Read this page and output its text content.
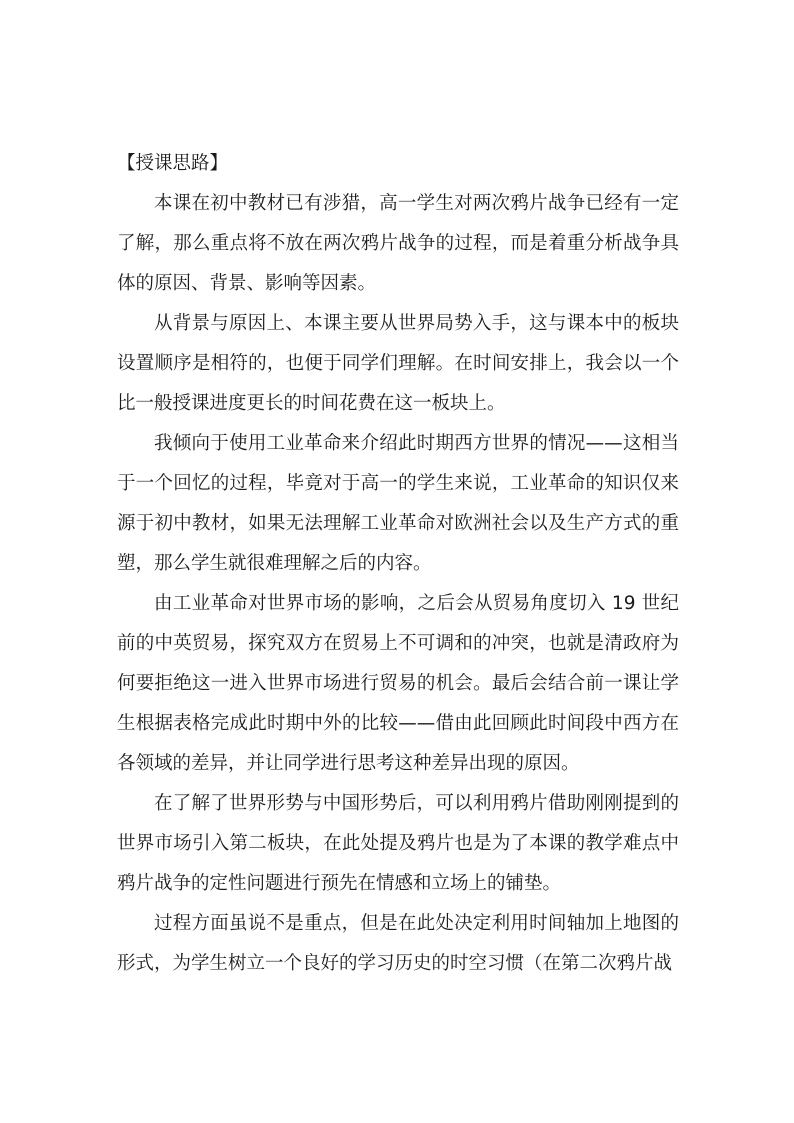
【授课思路】

本课在初中教材已有涉猎，高一学生对两次鸦片战争已经有一定了解，那么重点将不放在两次鸦片战争的过程，而是着重分析战争具体的原因、背景、影响等因素。

从背景与原因上、本课主要从世界局势入手，这与课本中的板块设置顺序是相符的，也便于同学们理解。在时间安排上，我会以一个比一般授课进度更长的时间花费在这一板块上。

我倾向于使用工业革命来介绍此时期西方世界的情况——这相当于一个回忆的过程，毕竟对于高一的学生来说，工业革命的知识仅来源于初中教材，如果无法理解工业革命对欧洲社会以及生产方式的重塑，那么学生就很难理解之后的内容。

由工业革命对世界市场的影响，之后会从贸易角度切入 19 世纪前的中英贸易，探究双方在贸易上不可调和的冲突，也就是清政府为何要拒绝这一进入世界市场进行贸易的机会。最后会结合前一课让学生根据表格完成此时期中外的比较——借由此回顾此时间段中西方在各领域的差异，并让同学进行思考这种差异出现的原因。

在了解了世界形势与中国形势后，可以利用鸦片借助刚刚提到的世界市场引入第二板块，在此处提及鸦片也是为了本课的教学难点中鸦片战争的定性问题进行预先在情感和立场上的铺垫。

过程方面虽说不是重点，但是在此处决定利用时间轴加上地图的形式，为学生树立一个良好的学习历史的时空习惯（在第二次鸦片战
